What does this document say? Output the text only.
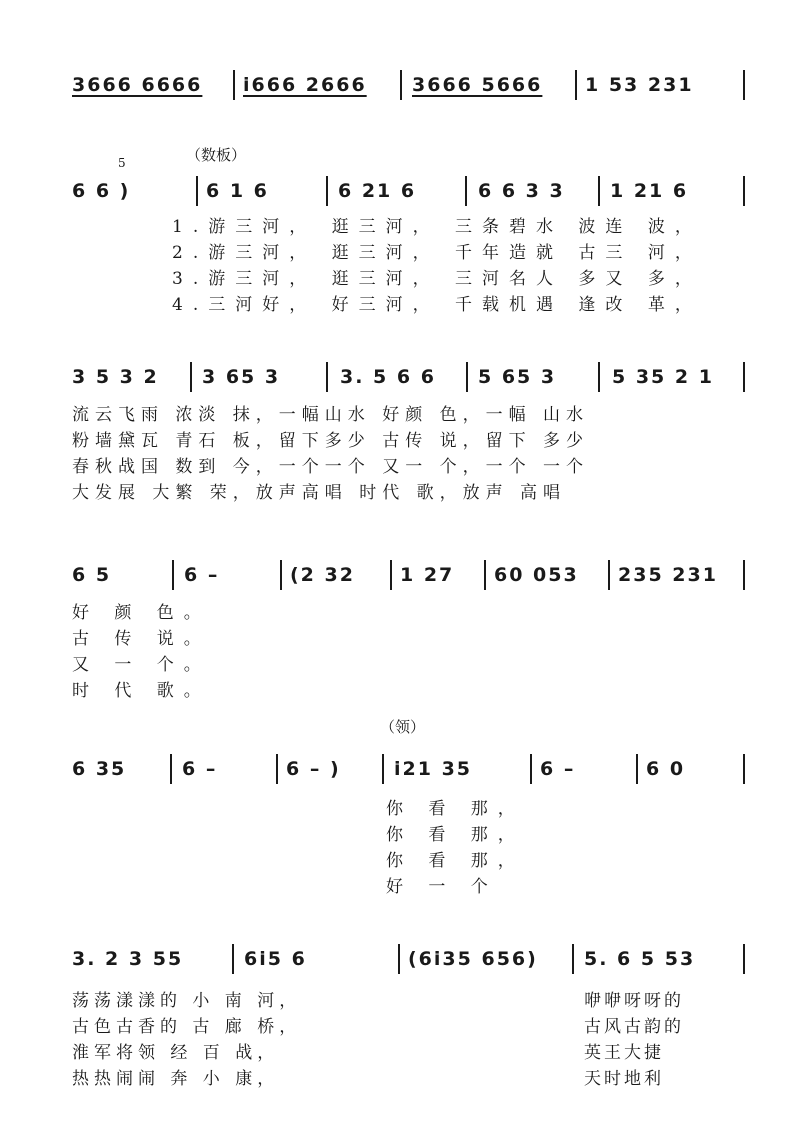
3666 6666 i666 2666 3666 5666 1 53 231
（数板）
5
6 6 )	6 1 6	6 21 6	6 6 3 3 1 21 6
1.游三河， 逛三河， 三条碧水 波连 波，
2.游三河， 逛三河， 千年造就 古三 河，
3.游三河， 逛三河， 三河名人 多又 多，
4.三河好， 好三河， 千载机遇 逢改 革，
3 5 3 2 3 65 3	3. 5 6 6 5 65 3	5 35 2 1
流云飞雨 浓淡 抹，一幅山水 好颜 色，一幅 山水
粉墙黛瓦 青石 板，留下多少 古传 说，留下 多少
春秋战国 数到 今，一个一个 又一 个，一个 一个
大发展 大繁 荣，放声高唱 时代 歌，放声 高唱
6 5	6 –	(2 32 1 27 60 053 235 231
好 颜 色。
古 传 说。
又 一 个。
时 代 歌。
（领）
6 35	6 –	6 – )	i21 35	6 –	6 0
你 看 那，
你 看 那，
你 看 那，
好 一 个
3. 2 3 55	6i5 6	(6i35 656) 5. 6 5 53
荡荡漾漾的 小 南 河，
古色古香的 古 廊 桥，
淮军将领 经 百 战，
热热闹闹 奔 小 康，
咿咿呀呀的
古风古韵的
英王大捷
天时地利
